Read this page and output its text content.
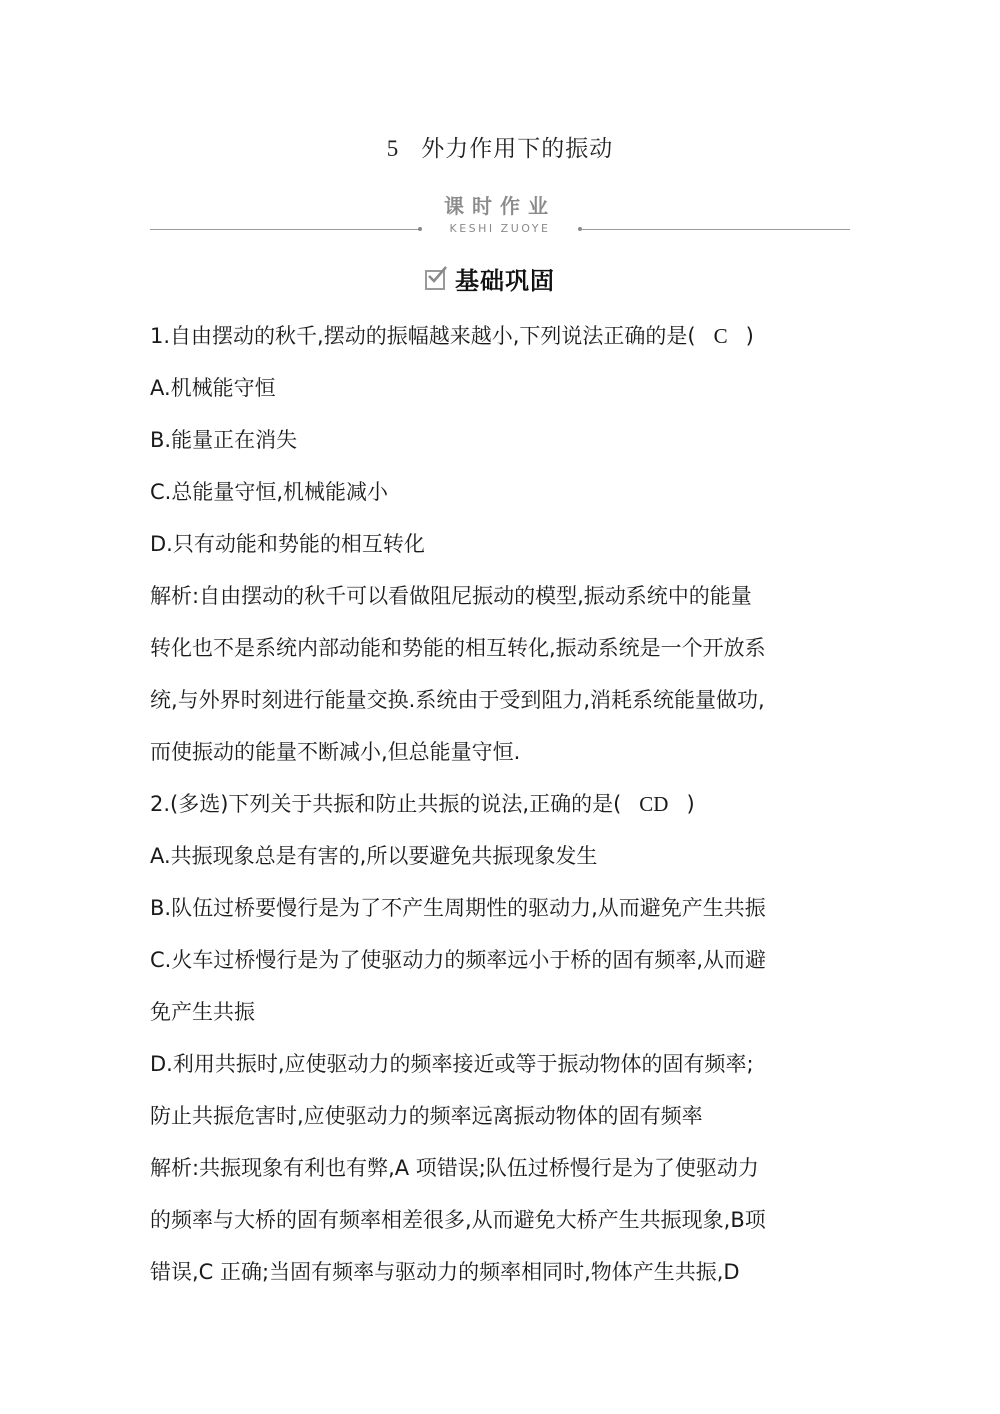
5 外力作用下的振动
课时作业
KESHI ZUOYE
基础巩固
1.自由摆动的秋千,摆动的振幅越来越小,下列说法正确的是( C )
A.机械能守恒
B.能量正在消失
C.总能量守恒,机械能减小
D.只有动能和势能的相互转化
解析:自由摆动的秋千可以看做阻尼振动的模型,振动系统中的能量
转化也不是系统内部动能和势能的相互转化,振动系统是一个开放系
统,与外界时刻进行能量交换.系统由于受到阻力,消耗系统能量做功,
而使振动的能量不断减小,但总能量守恒.
2.(多选)下列关于共振和防止共振的说法,正确的是( CD )
A.共振现象总是有害的,所以要避免共振现象发生
B.队伍过桥要慢行是为了不产生周期性的驱动力,从而避免产生共振
C.火车过桥慢行是为了使驱动力的频率远小于桥的固有频率,从而避
免产生共振
D.利用共振时,应使驱动力的频率接近或等于振动物体的固有频率;
防止共振危害时,应使驱动力的频率远离振动物体的固有频率
解析:共振现象有利也有弊,A 项错误;队伍过桥慢行是为了使驱动力
的频率与大桥的固有频率相差很多,从而避免大桥产生共振现象,B项
错误,C 正确;当固有频率与驱动力的频率相同时,物体产生共振,D
